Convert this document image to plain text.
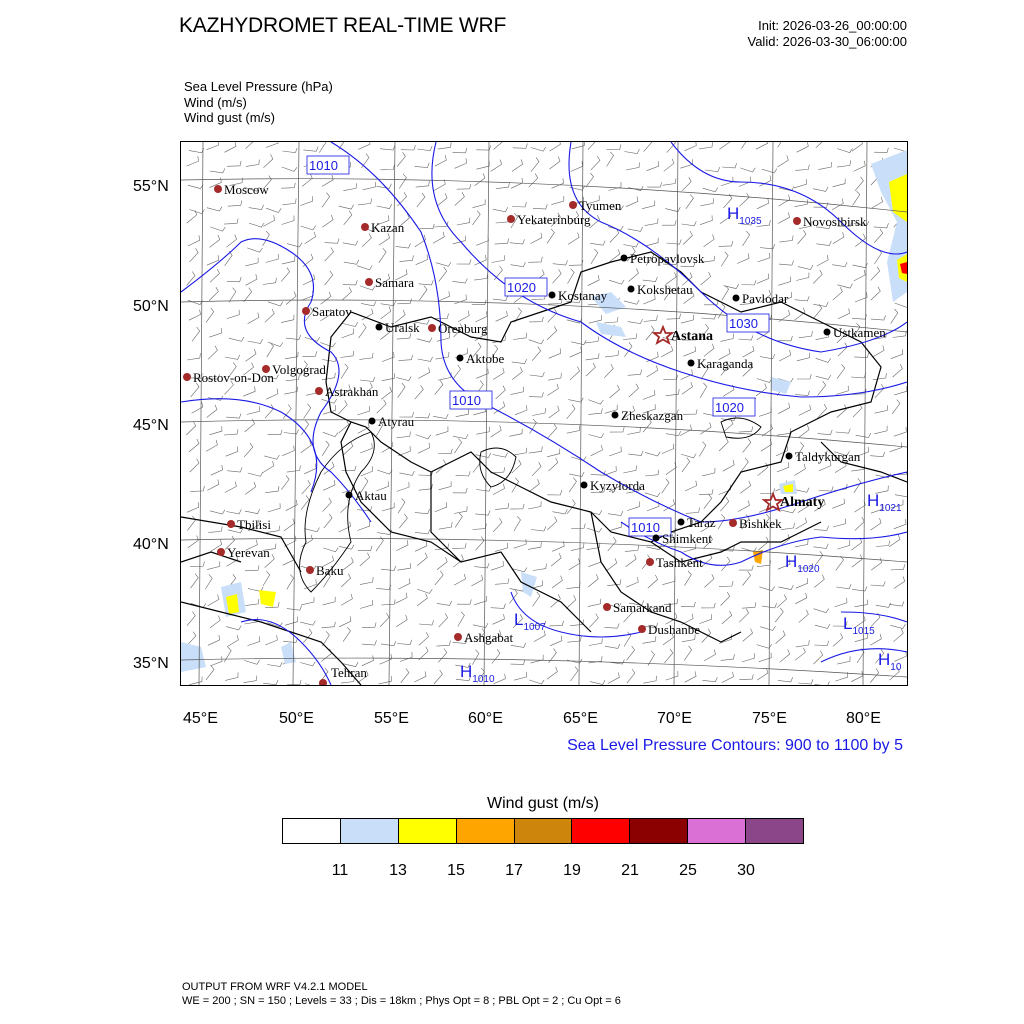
KAZHYDROMET REAL-TIME WRF	Init: 2026-03-26_00:00:00
Valid: 2026-03-30_06:00:00
Sea Level Pressure (hPa)
Wind (m/s)
Wind gust (m/s)
1010
1020
1030
1010	1020
1010
$H_{1035}$
$H_{1021}$
$H_{1020}$
$L_{1007}$	$L_{1015}$
$H_{1010}$
$H_{10}$
Moscow
Kazan
Samara
Saratov
Volgograd
Rostov-on-Don
Astrakhan
Orenburg
Yekaterinburg
Tyumen
Novosibirsk
Tbilisi
Yerevan
Baku
Ashgabat
Tehran
Samarkand
Dushanbe
Tashkent
Bishkek
Uralsk
Aktobe
Atyrau
Aktau
Kostanay
Petropavlovsk
Kokshetau
Pavlodar
Ustkamen
Karaganda
Zheskazgan
Kyzylorda
Taldykurgan
Taraz
Shimkent
Astana
Almaty
55°N
50°N
45°N
40°N
35°N
45°E	50°E	55°E	60°E	65°E	70°E	75°E	80°E
Sea Level Pressure Contours: 900 to 1100 by 5
Wind gust (m/s)
11	13	15	17	19	21	25	30
OUTPUT FROM WRF V4.2.1 MODEL
WE = 200 ; SN = 150 ; Levels = 33 ; Dis = 18km ; Phys Opt = 8 ; PBL Opt = 2 ; Cu Opt = 6
